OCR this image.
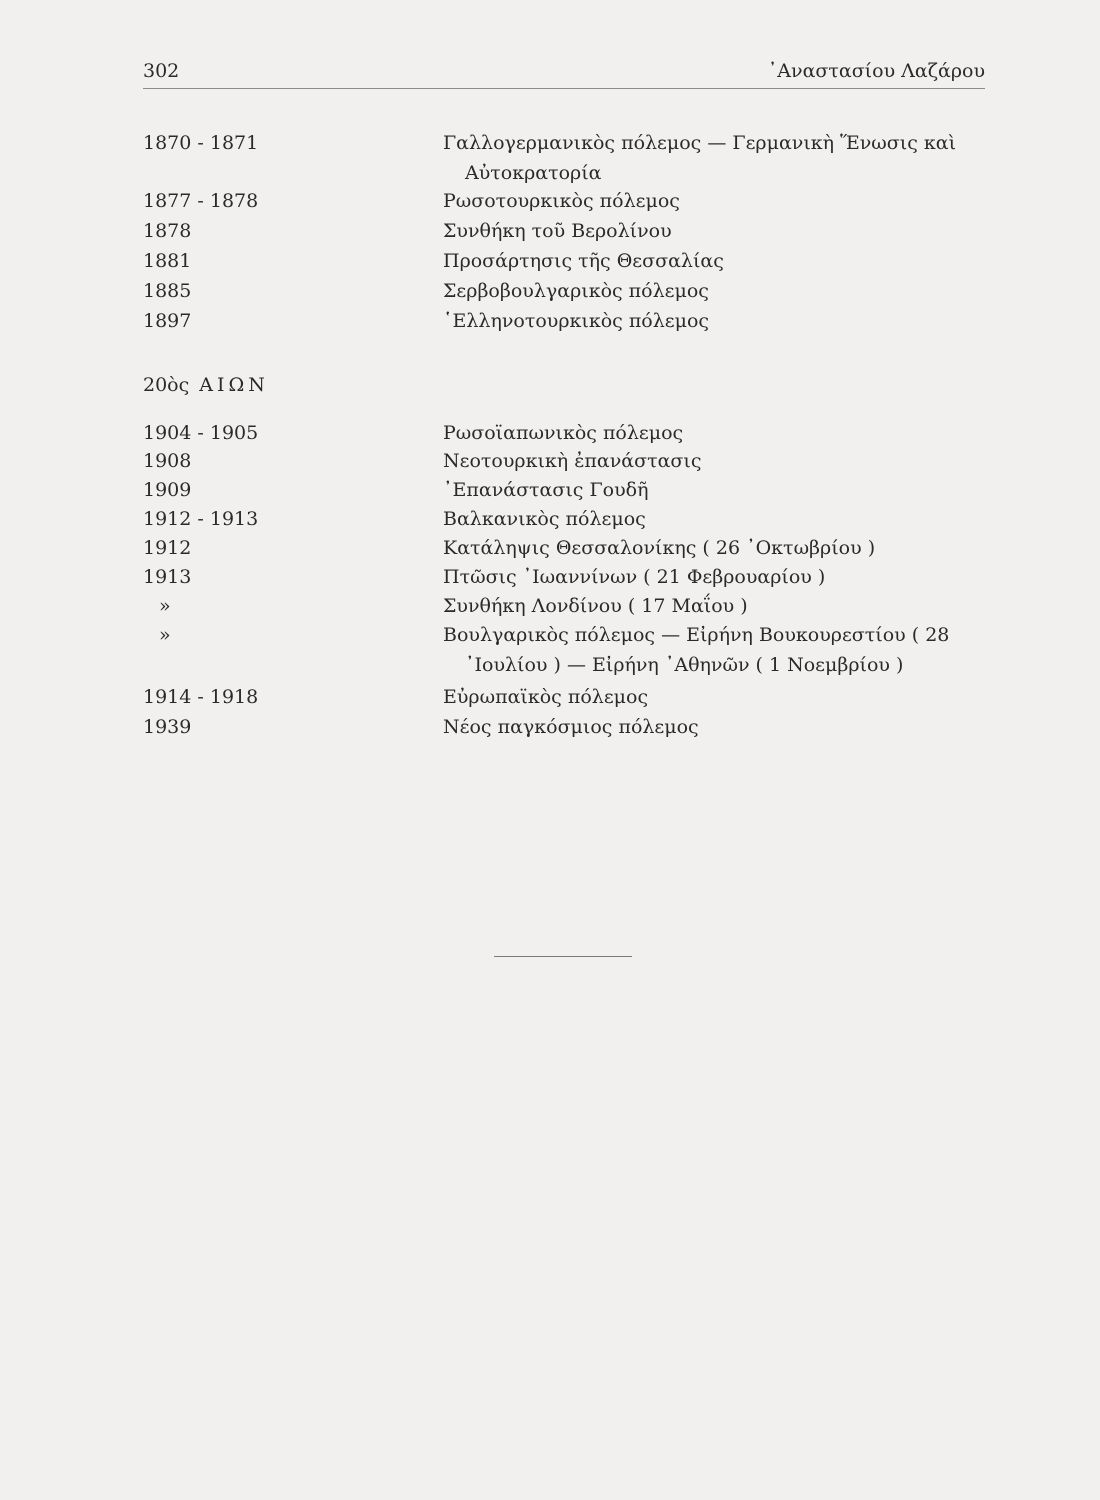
302	᾿Αναστασίου Λαζάρου
1870 - 1871	Γαλλογερμανικὸς πόλεμος — Γερμανικὴ Ἕνωσις καὶ
Αὐτοκρατορία
1877 - 1878	Ρωσοτουρκικὸς πόλεμος
1878	Συνθήκη τοῦ Βερολίνου
1881	Προσάρτησις τῆς Θεσσαλίας
1885	Σερβοβουλγαρικὸς πόλεμος
1897	῾Ελληνοτουρκικὸς πόλεμος
20ὸς ΑΙΩΝ
1904 - 1905	Ρωσοϊαπωνικὸς πόλεμος
1908	Νεοτουρκικὴ ἐπανάστασις
1909	᾿Επανάστασις Γουδῆ
1912 - 1913	Βαλκανικὸς πόλεμος
1912	Κατάληψις Θεσσαλονίκης ( 26 ᾿Οκτωβρίου )
1913	Πτῶσις ᾿Ιωαννίνων ( 21 Φεβρουαρίου )
»	Συνθήκη Λονδίνου ( 17 Μαΐου )
»	Βουλγαρικὸς πόλεμος — Εἰρήνη Βουκουρεστίου ( 28
᾿Ιουλίου ) — Εἰρήνη ᾿Αθηνῶν ( 1 Νοεμβρίου )
1914 - 1918	Εὐρωπαϊκὸς πόλεμος
1939	Νέος παγκόσμιος πόλεμος
